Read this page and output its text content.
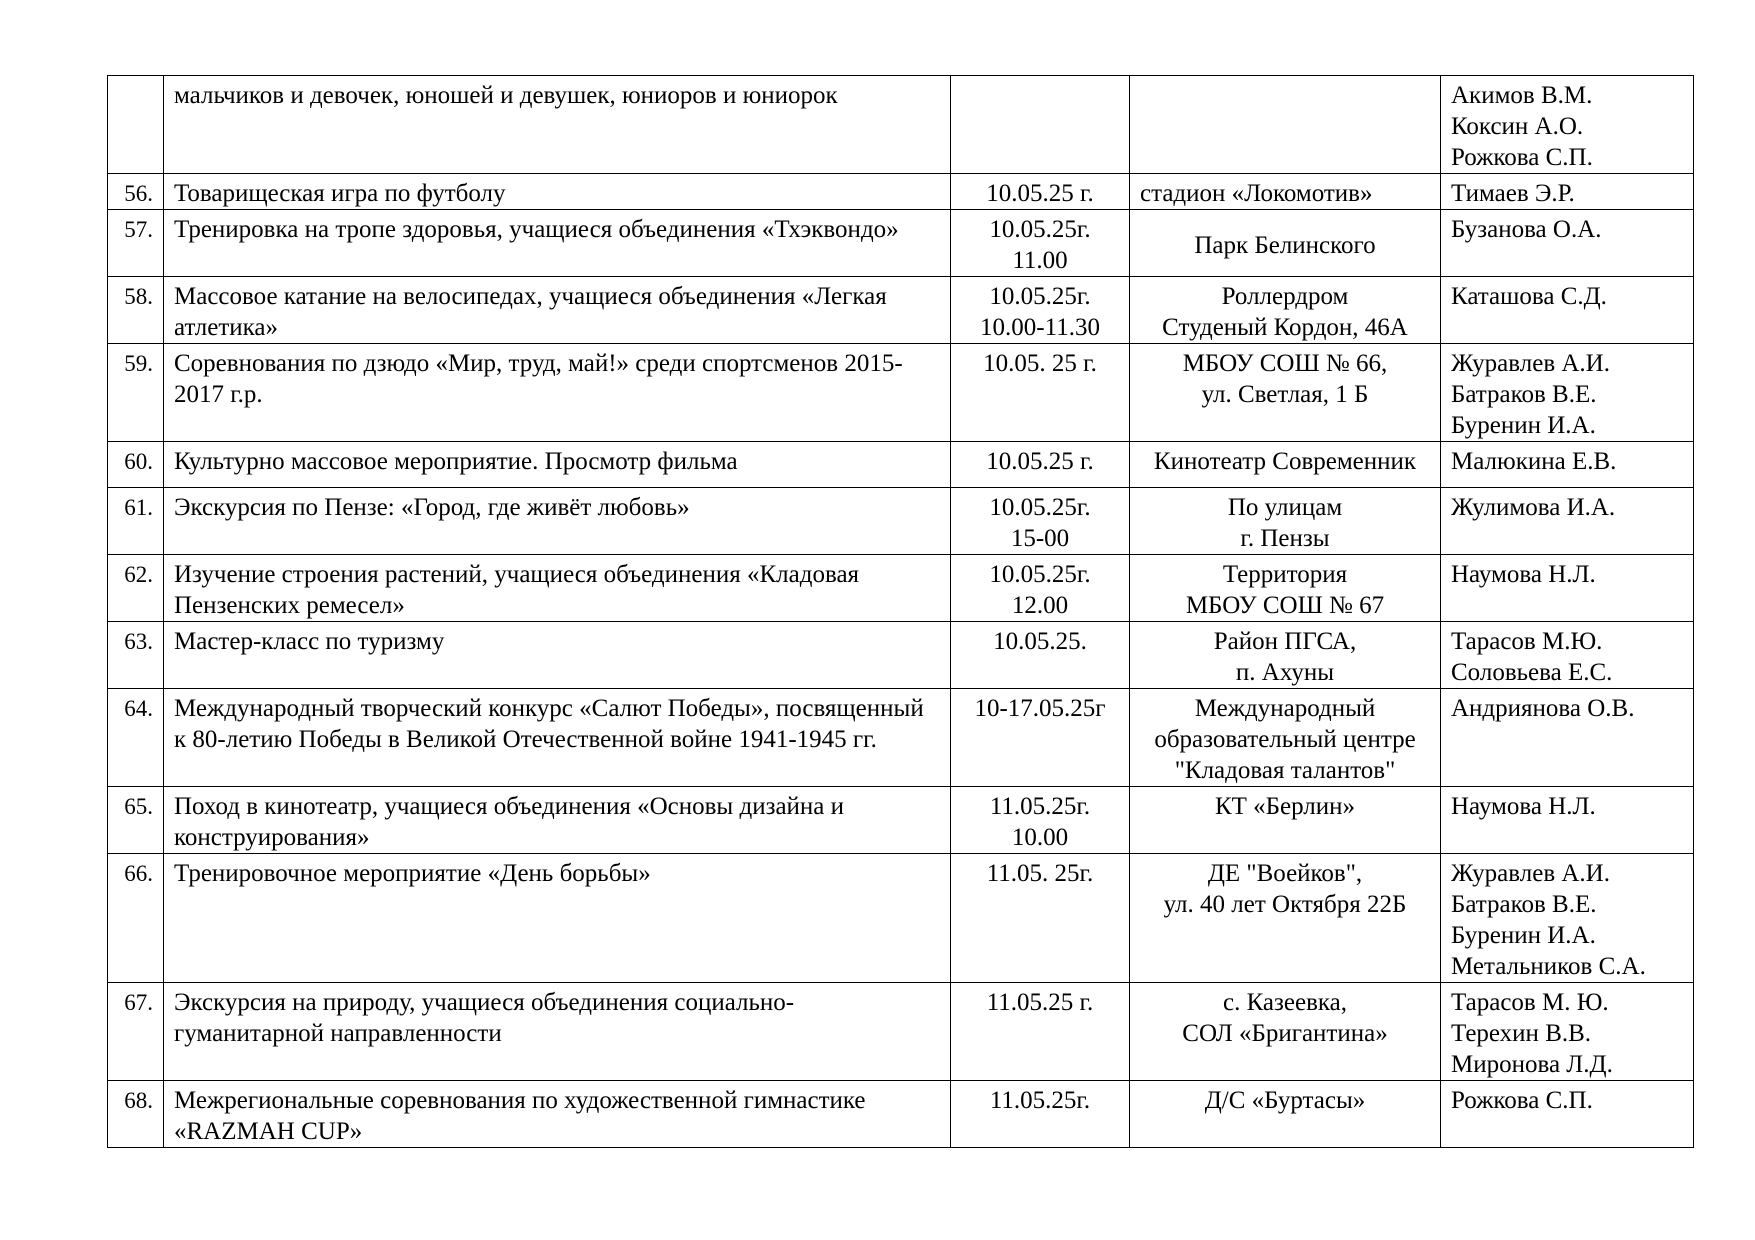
	мальчиков и девочек, юношей и девушек, юниоров и юниорок			Акимов В.М.
Коксин А.О.
Рожкова С.П.

56.	Товарищеская игра по футболу	10.05.25 г.	стадион «Локомотив»	Тимаев Э.Р.

57.	Тренировка на тропе здоровья, учащиеся объединения «Тхэквондо»	10.05.25г.
11.00	Парк Белинского	Бузанова О.А.

58.	Массовое катание на велосипедах, учащиеся объединения «Легкая атлетика»	10.05.25г.
10.00-11.30	Роллердром
Студеный Кордон, 46А	Каташова С.Д.

59.	Соревнования по дзюдо «Мир, труд, май!» среди спортсменов 2015-2017 г.р.	10.05. 25 г.	МБОУ СОШ № 66,
ул. Светлая, 1 Б	Журавлев А.И.
Батраков В.Е.
Буренин И.А.

60.	Культурно массовое мероприятие. Просмотр фильма	10.05.25 г.	Кинотеатр Современник	Малюкина Е.В.

61.	Экскурсия по Пензе: «Город, где живёт любовь»	10.05.25г.
15-00	По улицам
г. Пензы	Жулимова И.А.

62.	Изучение строения растений, учащиеся объединения «Кладовая Пензенских ремесел»	10.05.25г.
12.00	Территория
МБОУ СОШ № 67	Наумова Н.Л.

63.	Мастер-класс по туризму	10.05.25.	Район ПГСА,
п. Ахуны	Тарасов М.Ю.
Соловьева Е.С.

64.	Международный творческий конкурс «Салют Победы», посвященный к 80-летию Победы в Великой Отечественной войне 1941-1945 гг.	10-17.05.25г	Международный
образовательный центре
"Кладовая талантов"	Андриянова О.В.

65.	Поход в кинотеатр, учащиеся объединения «Основы дизайна и конструирования»	11.05.25г.
10.00	КТ «Берлин»	Наумова Н.Л.

66.	Тренировочное мероприятие «День борьбы»	11.05. 25г.	ДЕ "Воейков",
ул. 40 лет Октября 22Б	Журавлев А.И.
Батраков В.Е.
Буренин И.А.
Метальников С.А.

67.	Экскурсия на природу, учащиеся объединения социально-гуманитарной направленности	11.05.25 г.	с. Казеевка,
СОЛ «Бригантина»	Тарасов М. Ю.
Терехин В.В.
Миронова Л.Д.

68.	Межрегиональные соревнования по художественной гимнастике «RAZMAH CUP»	11.05.25г.	Д/С «Буртасы»	Рожкова С.П.
